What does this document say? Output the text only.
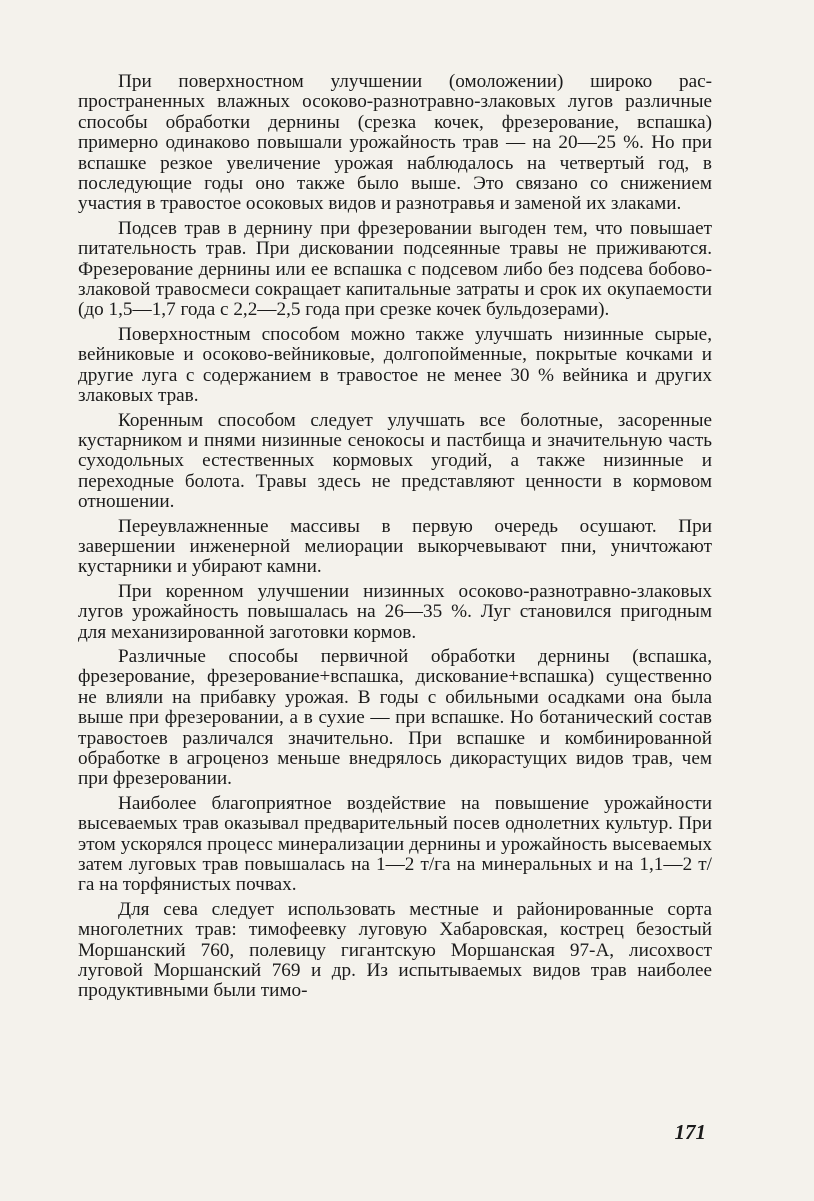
При поверхностном улучшении (омоложении) широко распространенных влажных осоково-разнотравно-злаковых лугов различные способы обработки дернины (срезка кочек, фрезерование, вспашка) примерно одинаково повышали урожайность трав — на 20—25 %. Но при вспашке резкое увеличение урожая наблюдалось на четвертый год, в последующие годы оно также было выше. Это связано со снижением участия в травостое осоковых видов и разнотравья и заменой их злаками.

Подсев трав в дернину при фрезеровании выгоден тем, что повышает питательность трав. При дисковании подсеянные травы не приживаются. Фрезерование дернины или ее вспашка с подсевом либо без подсева бобово-злаковой травосмеси сокращает капитальные затраты и срок их окупаемости (до 1,5—1,7 года с 2,2—2,5 года при срезке кочек бульдозерами).

Поверхностным способом можно также улучшать низинные сырые, вейниковые и осоково-вейниковые, долгопойменные, покрытые кочками и другие луга с содержанием в травостое не менее 30 % вейника и других злаковых трав.

Коренным способом следует улучшать все болотные, засоренные кустарником и пнями низинные сенокосы и пастбища и значительную часть суходольных естественных кормовых угодий, а также низинные и переходные болота. Травы здесь не представляют ценности в кормовом отношении.

Переувлажненные массивы в первую очередь осушают. При завершении инженерной мелиорации выкорчевывают пни, уничтожают кустарники и убирают камни.

При коренном улучшении низинных осоково-разнотравно-злаковых лугов урожайность повышалась на 26—35 %. Луг становился пригодным для механизированной заготовки кормов.

Различные способы первичной обработки дернины (вспашка, фрезерование, фрезерование+вспашка, дискование+вспашка) существенно не влияли на прибавку урожая. В годы с обильными осадками она была выше при фрезеровании, а в сухие — при вспашке. Но ботанический состав травостоев различался значительно. При вспашке и комбинированной обработке в агроценоз меньше внедрялось дикорастущих видов трав, чем при фрезеровании.

Наиболее благоприятное воздействие на повышение урожайности высеваемых трав оказывал предварительный посев однолетних культур. При этом ускорялся процесс минерализации дернины и урожайность высеваемых затем луговых трав повышалась на 1—2 т/га на минеральных и на 1,1—2 т/га на торфянистых почвах.

Для сева следует использовать местные и районированные сорта многолетних трав: тимофеевку луговую Хабаровская, кострец безостый Моршанский 760, полевицу гигантскую Моршанская 97-А, лисохвост луговой Моршанский 769 и др. Из испытываемых видов трав наиболее продуктивными были тимо-

171
